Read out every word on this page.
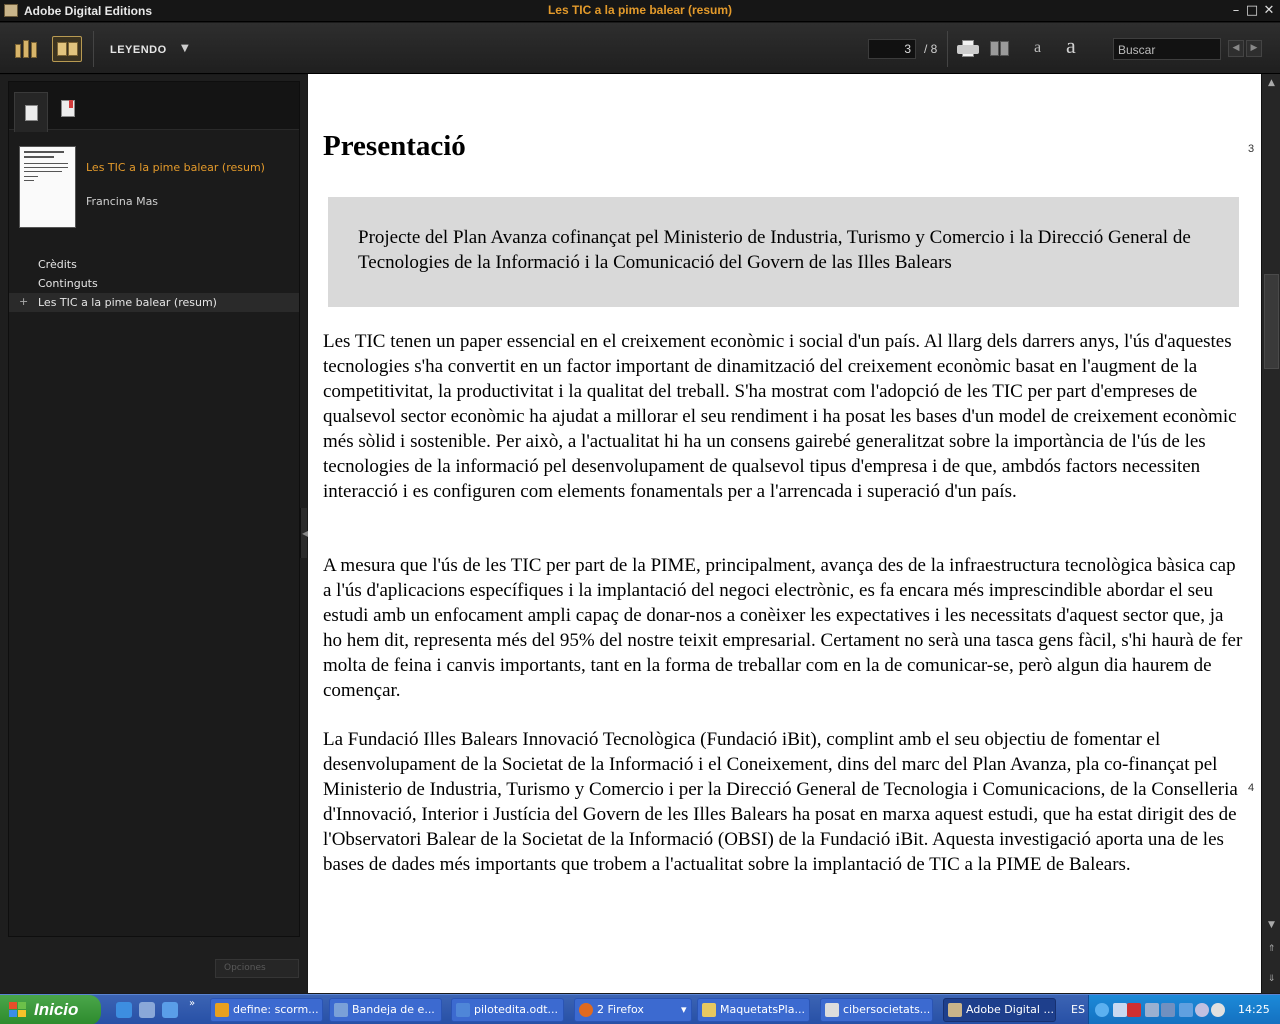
Adobe Digital Editions	Les TIC a la pime balear (resum)	– □ ✕
LEYENDO ▼	3	/ 8	a a	Buscar	◀	▶
Les TIC a la pime balear (resum)
Francina Mas
Crèdits
Continguts
+ Les TIC a la pime balear (resum)
Opciones
◀
Presentació	3
Projecte del Plan Avanza cofinançat pel Ministerio de Industria, Turismo y Comercio i la Direcció General de Tecnologies de la Informació i la Comunicació del Govern de las Illes Balears
Les TIC tenen un paper essencial en el creixement econòmic i social d'un país. Al llarg dels darrers anys, l'ús d'aquestes tecnologies s'ha convertit en un factor important de dinamització del creixement econòmic basat en l'augment de la competitivitat, la productivitat i la qualitat del treball. S'ha mostrat com l'adopció de les TIC per part d'empreses de qualsevol sector econòmic ha ajudat a millorar el seu rendiment i ha posat les bases d'un model de creixement econòmic més sòlid i sostenible. Per això, a l'actualitat hi ha un consens gairebé generalitzat sobre la importància de l'ús de les tecnologies de la informació pel desenvolupament de qualsevol tipus d'empresa i de que, ambdós factors necessiten interacció i es configuren com elements fonamentals per a l'arrencada i superació d'un país.
A mesura que l'ús de les TIC per part de la PIME, principalment, avança des de la infraestructura tecnològica bàsica cap a l'ús d'aplicacions específiques i la implantació del negoci electrònic, es fa encara més imprescindible abordar el seu estudi amb un enfocament ampli capaç de donar-nos a conèixer les expectatives i les necessitats d'aquest sector que, ja ho hem dit, representa més del 95% del nostre teixit empresarial. Certament no serà una tasca gens fàcil, s'hi haurà de fer molta de feina i canvis importants, tant en la forma de treballar com en la de comunicar-se, però algun dia haurem de començar.
La Fundació Illes Balears Innovació Tecnològica (Fundació iBit), complint amb el seu objectiu de fomentar el desenvolupament de la Societat de la Informació i el Coneixement, dins del marc del Plan Avanza, pla co-finançat pel Ministerio de Industria, Turismo y Comercio i per la Direcció General de Tecnologia i Comunicacions, de la Conselleria d'Innovació, Interior i Justícia del Govern de les Illes Balears ha posat en marxa aquest estudi, que ha estat dirigit des de l'Observatori Balear de la Societat de la Informació (OBSI) de la Fundació iBit. Aquesta investigació aporta una de les bases de dades més importants que trobem a l'actualitat sobre la implantació de TIC a la PIME de Balears.
4
▲
▼
⇑
⇓
Inicio	»	define: scorm...	Bandeja de e...	pilotedita.odt...	2 Firefox	▾	MaquetatsPla...	cibersocietats...	Adobe Digital ... ES	14:25
